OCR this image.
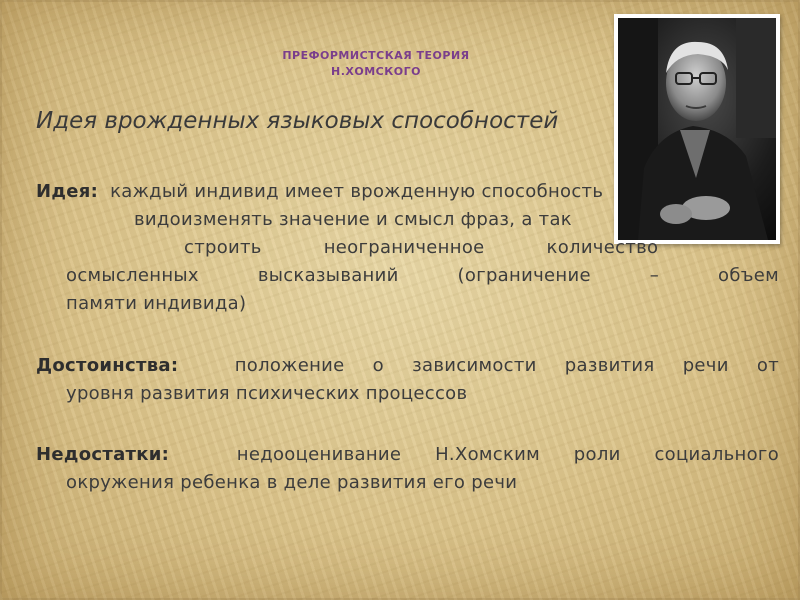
ПРЕФОРМИСТСКАЯ ТЕОРИЯ
Н.ХОМСКОГО
Идея врожденных языковых способностей
Идея: каждый индивид имеет врожденную способность
видоизменять значение и смысл фраз, а так
строить неограниченное количество
осмысленных высказываний (ограничение – объем
памяти индивида)
Достоинства:	положение о зависимости развития речи от
уровня развития психических процессов
Недостатки:	недооценивание Н.Хомским роли социального
окружения ребенка в деле развития его речи
